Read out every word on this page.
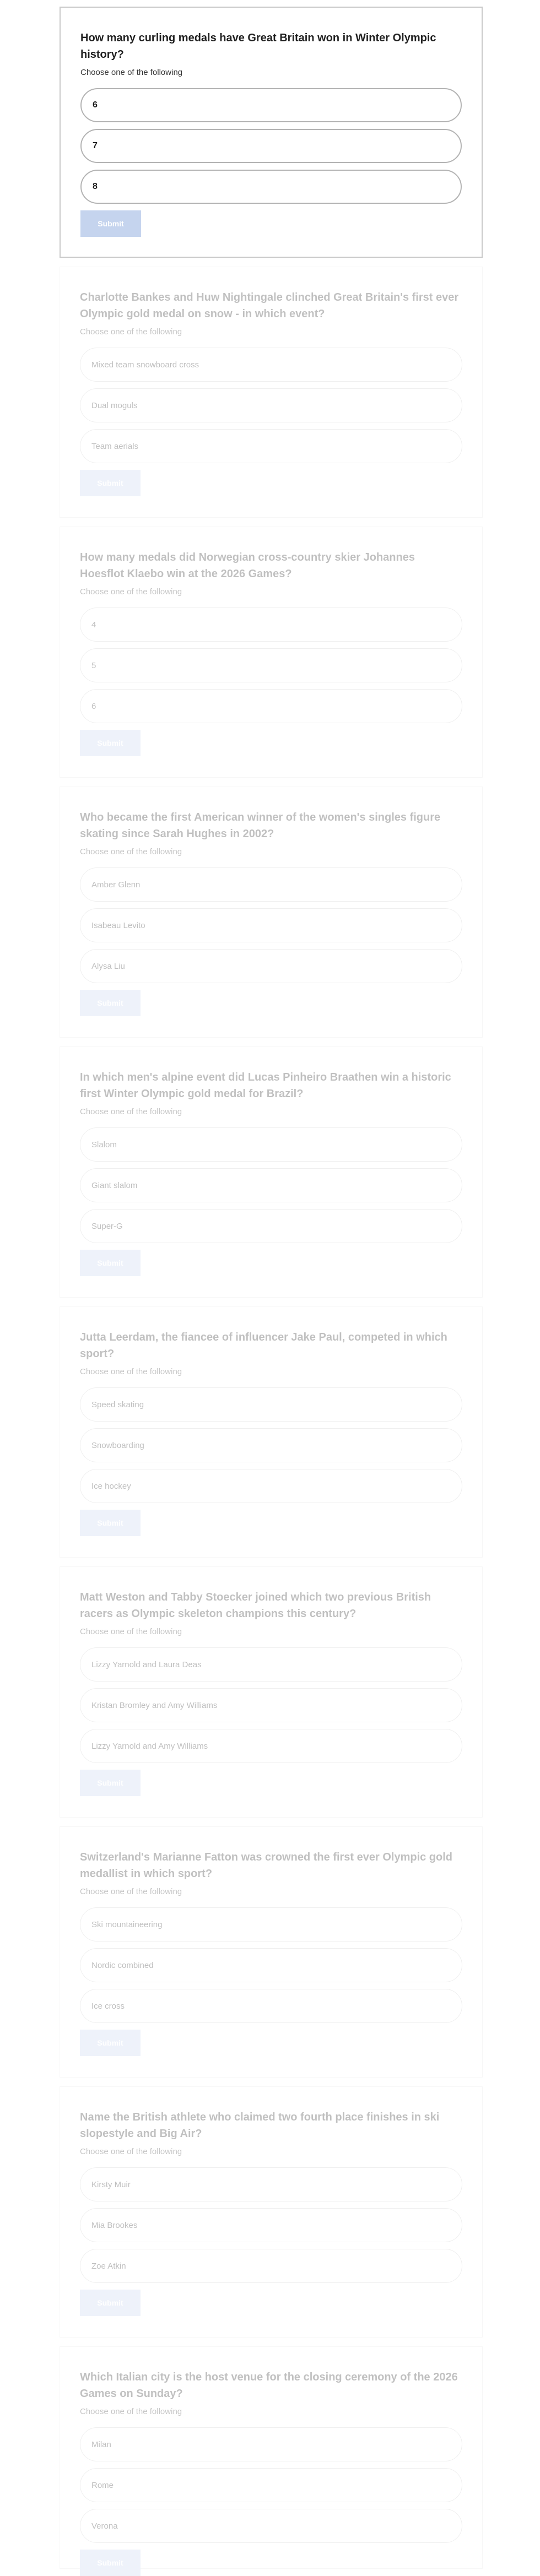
How many curling medals have Great Britain won in Winter Olympic history?
Choose one of the following
6
7
8
Submit
Charlotte Bankes and Huw Nightingale clinched Great Britain's first ever Olympic gold medal on snow - in which event?
Choose one of the following
Mixed team snowboard cross
Dual moguls
Team aerials
Submit
How many medals did Norwegian cross-country skier Johannes Hoesflot Klaebo win at the 2026 Games?
Choose one of the following
4
5
6
Submit
Who became the first American winner of the women's singles figure skating since Sarah Hughes in 2002?
Choose one of the following
Amber Glenn
Isabeau Levito
Alysa Liu
Submit
In which men's alpine event did Lucas Pinheiro Braathen win a historic first Winter Olympic gold medal for Brazil?
Choose one of the following
Slalom
Giant slalom
Super-G
Submit
Jutta Leerdam, the fiancee of influencer Jake Paul, competed in which sport?
Choose one of the following
Speed skating
Snowboarding
Ice hockey
Submit
Matt Weston and Tabby Stoecker joined which two previous British racers as Olympic skeleton champions this century?
Choose one of the following
Lizzy Yarnold and Laura Deas
Kristan Bromley and Amy Williams
Lizzy Yarnold and Amy Williams
Submit
Switzerland's Marianne Fatton was crowned the first ever Olympic gold medallist in which sport?
Choose one of the following
Ski mountaineering
Nordic combined
Ice cross
Submit
Name the British athlete who claimed two fourth place finishes in ski slopestyle and Big Air?
Choose one of the following
Kirsty Muir
Mia Brookes
Zoe Atkin
Submit
Which Italian city is the host venue for the closing ceremony of the 2026 Games on Sunday?
Choose one of the following
Milan
Rome
Verona
Submit
